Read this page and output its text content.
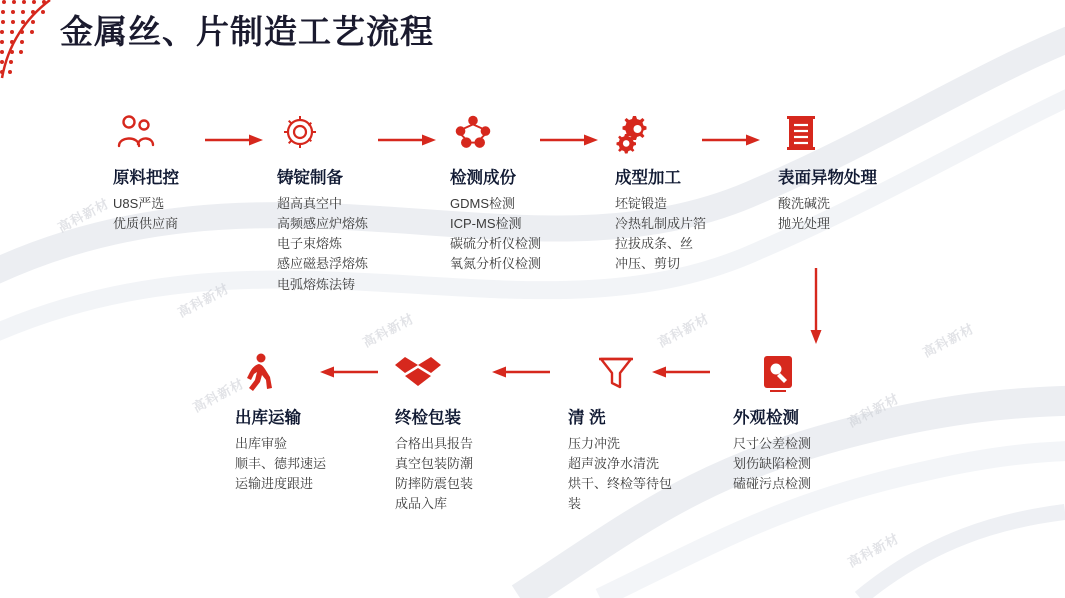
高科新材
高科新材
高科新材	高科新材	高科新材
高科新材	高科新材
高科新材
金属丝、片制造工艺流程
原料把控
U8S严选
优质供应商
铸锭制备
超高真空中
高频感应炉熔炼
电子束熔炼
感应磁悬浮熔炼
电弧熔炼法铸
检测成份
GDMS检测
ICP-MS检测
碳硫分析仪检测
氧氮分析仪检测
成型加工
坯锭锻造
冷热轧制成片箔
拉拔成条、丝
冲压、剪切
表面异物处理
酸洗碱洗
抛光处理
出库运输
出库审验
顺丰、德邦速运
运输进度跟进
终检包装
合格出具报告
真空包装防潮
防摔防震包装
成品入库
清 洗
压力冲洗
超声波净水清洗
烘干、终检等待包
装
外观检测
尺寸公差检测
划伤缺陷检测
磕碰污点检测
